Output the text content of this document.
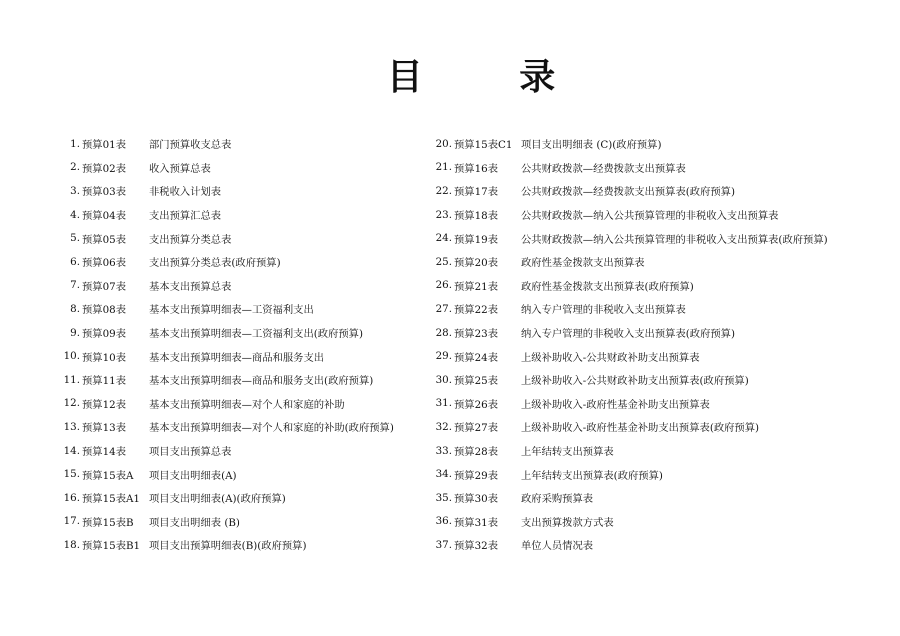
目 录
1. 预算01表	部门预算收支总表
2. 预算02表	收入预算总表
3. 预算03表	非税收入计划表
4. 预算04表	支出预算汇总表
5. 预算05表	支出预算分类总表
6. 预算06表	支出预算分类总表(政府预算)
7. 预算07表	基本支出预算总表
8. 预算08表	基本支出预算明细表—工资福利支出
9. 预算09表	基本支出预算明细表—工资福利支出(政府预算)
10. 预算10表	基本支出预算明细表—商品和服务支出
11. 预算11表	基本支出预算明细表—商品和服务支出(政府预算)
12. 预算12表	基本支出预算明细表—对个人和家庭的补助
13. 预算13表	基本支出预算明细表—对个人和家庭的补助(政府预算)
14. 预算14表	项目支出预算总表
15. 预算15表A	项目支出明细表(A)
16. 预算15表A1 项目支出明细表(A)(政府预算)
17. 预算15表B	项目支出明细表 (B)
18. 预算15表B1 项目支出预算明细表(B)(政府预算)
20. 预算15表C1 项目支出明细表 (C)(政府预算)
21. 预算16表	公共财政拨款—经费拨款支出预算表
22. 预算17表	公共财政拨款—经费拨款支出预算表(政府预算)
23. 预算18表	公共财政拨款—纳入公共预算管理的非税收入支出预算表
24. 预算19表	公共财政拨款—纳入公共预算管理的非税收入支出预算表(政府预算)
25. 预算20表	政府性基金拨款支出预算表
26. 预算21表	政府性基金拨款支出预算表(政府预算)
27. 预算22表	纳入专户管理的非税收入支出预算表
28. 预算23表	纳入专户管理的非税收入支出预算表(政府预算)
29. 预算24表	上级补助收入-公共财政补助支出预算表
30. 预算25表	上级补助收入-公共财政补助支出预算表(政府预算)
31. 预算26表	上级补助收入-政府性基金补助支出预算表
32. 预算27表	上级补助收入-政府性基金补助支出预算表(政府预算)
33. 预算28表	上年结转支出预算表
34. 预算29表	上年结转支出预算表(政府预算)
35. 预算30表	政府采购预算表
36. 预算31表	支出预算拨款方式表
37. 预算32表	单位人员情况表
